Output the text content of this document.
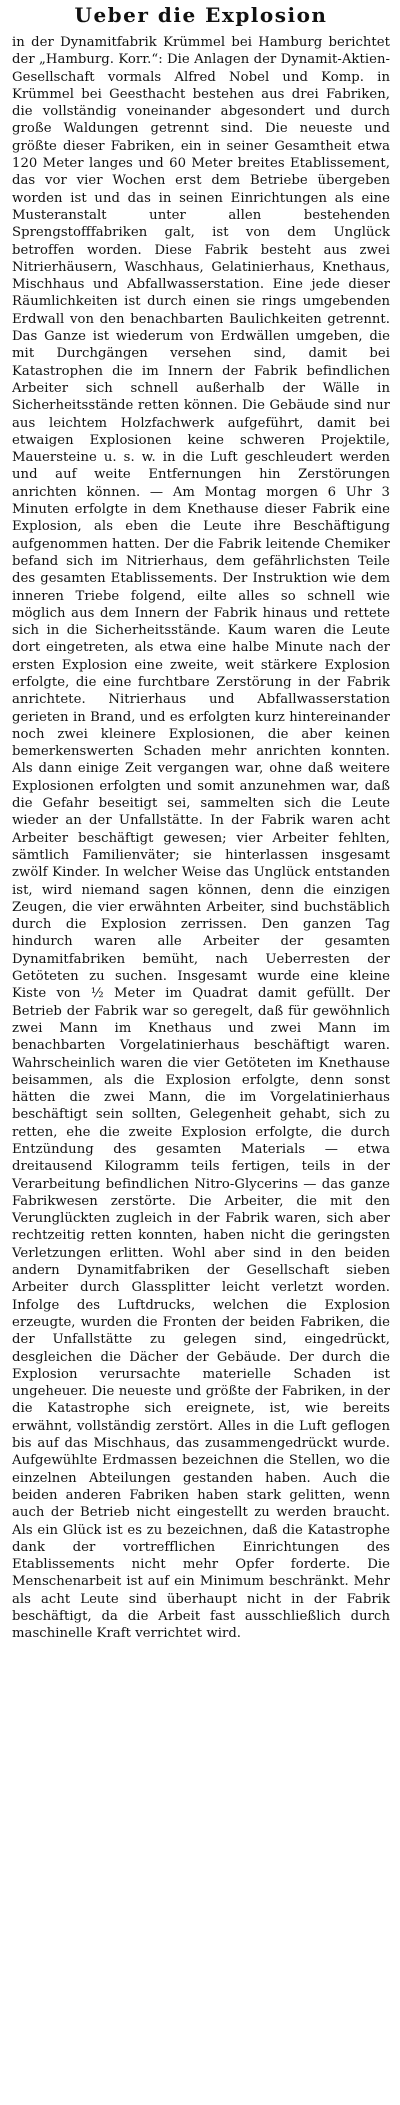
Ueber die Explosion

in der Dynamitfabrik Krümmel bei Hamburg berichtet der „Hamburg. Korr.“: Die Anlagen der Dynamit-Aktien-Gesellschaft vormals Alfred Nobel und Komp. in Krümmel bei Geesthacht bestehen aus drei Fabriken, die vollständig voneinander abgesondert und durch große Waldungen getrennt sind. Die neueste und größte dieser Fabriken, ein in seiner Gesamtheit etwa 120 Meter langes und 60 Meter breites Etablissement, das vor vier Wochen erst dem Betriebe übergeben worden ist und das in seinen Einrichtungen als eine Musteranstalt unter allen bestehenden Sprengstofffabriken galt, ist von dem Unglück betroffen worden. Diese Fabrik besteht aus zwei Nitrierhäusern, Waschhaus, Gelatinierhaus, Knethaus, Mischhaus und Abfallwasserstation. Eine jede dieser Räumlichkeiten ist durch einen sie rings umgebenden Erdwall von den benachbarten Baulichkeiten getrennt. Das Ganze ist wiederum von Erdwällen umgeben, die mit Durchgängen versehen sind, damit bei Katastrophen die im Innern der Fabrik befindlichen Arbeiter sich schnell außerhalb der Wälle in Sicherheitsstände retten können. Die Gebäude sind nur aus leichtem Holzfachwerk aufgeführt, damit bei etwaigen Explosionen keine schweren Projektile, Mauersteine u. s. w. in die Luft geschleudert werden und auf weite Entfernungen hin Zerstörungen anrichten können. — Am Montag morgen 6 Uhr 3 Minuten erfolgte in dem Knethause dieser Fabrik eine Explosion, als eben die Leute ihre Beschäftigung aufgenommen hatten. Der die Fabrik leitende Chemiker befand sich im Nitrierhaus, dem gefährlichsten Teile des gesamten Etablissements. Der Instruktion wie dem inneren Triebe folgend, eilte alles so schnell wie möglich aus dem Innern der Fabrik hinaus und rettete sich in die Sicherheitsstände. Kaum waren die Leute dort eingetreten, als etwa eine halbe Minute nach der ersten Explosion eine zweite, weit stärkere Explosion erfolgte, die eine furchtbare Zerstörung in der Fabrik anrichtete. Nitrierhaus und Abfallwasserstation gerieten in Brand, und es erfolgten kurz hintereinander noch zwei kleinere Explosionen, die aber keinen bemerkenswerten Schaden mehr anrichten konnten. Als dann einige Zeit vergangen war, ohne daß weitere Explosionen erfolgten und somit anzunehmen war, daß die Gefahr beseitigt sei, sammelten sich die Leute wieder an der Unfallstätte. In der Fabrik waren acht Arbeiter beschäftigt gewesen; vier Arbeiter fehlten, sämtlich Familienväter; sie hinterlassen insgesamt zwölf Kinder. In welcher Weise das Unglück entstanden ist, wird niemand sagen können, denn die einzigen Zeugen, die vier erwähnten Arbeiter, sind buchstäblich durch die Explosion zerrissen. Den ganzen Tag hindurch waren alle Arbeiter der gesamten Dynamitfabriken bemüht, nach Ueberresten der Getöteten zu suchen. Insgesamt wurde eine kleine Kiste von ½ Meter im Quadrat damit gefüllt. Der Betrieb der Fabrik war so geregelt, daß für gewöhnlich zwei Mann im Knethaus und zwei Mann im benachbarten Vorgelatinierhaus beschäftigt waren. Wahrscheinlich waren die vier Getöteten im Knethause beisammen, als die Explosion erfolgte, denn sonst hätten die zwei Mann, die im Vorgelatinierhaus beschäftigt sein sollten, Gelegenheit gehabt, sich zu retten, ehe die zweite Explosion erfolgte, die durch Entzündung des gesamten Materials — etwa dreitausend Kilogramm teils fertigen, teils in der Verarbeitung befindlichen Nitro-Glycerins — das ganze Fabrikwesen zerstörte. Die Arbeiter, die mit den Verunglückten zugleich in der Fabrik waren, sich aber rechtzeitig retten konnten, haben nicht die geringsten Verletzungen erlitten. Wohl aber sind in den beiden andern Dynamitfabriken der Gesellschaft sieben Arbeiter durch Glassplitter leicht verletzt worden. Infolge des Luftdrucks, welchen die Explosion erzeugte, wurden die Fronten der beiden Fabriken, die der Unfallstätte zu gelegen sind, eingedrückt, desgleichen die Dächer der Gebäude. Der durch die Explosion verursachte materielle Schaden ist ungeheuer. Die neueste und größte der Fabriken, in der die Katastrophe sich ereignete, ist, wie bereits erwähnt, vollständig zerstört. Alles in die Luft geflogen bis auf das Mischhaus, das zusammengedrückt wurde. Aufgewühlte Erdmassen bezeichnen die Stellen, wo die einzelnen Abteilungen gestanden haben. Auch die beiden anderen Fabriken haben stark gelitten, wenn auch der Betrieb nicht eingestellt zu werden braucht. Als ein Glück ist es zu bezeichnen, daß die Katastrophe dank der vortrefflichen Einrichtungen des Etablissements nicht mehr Opfer forderte. Die Menschenarbeit ist auf ein Minimum beschränkt. Mehr als acht Leute sind überhaupt nicht in der Fabrik beschäftigt, da die Arbeit fast ausschließlich durch maschinelle Kraft verrichtet wird.
